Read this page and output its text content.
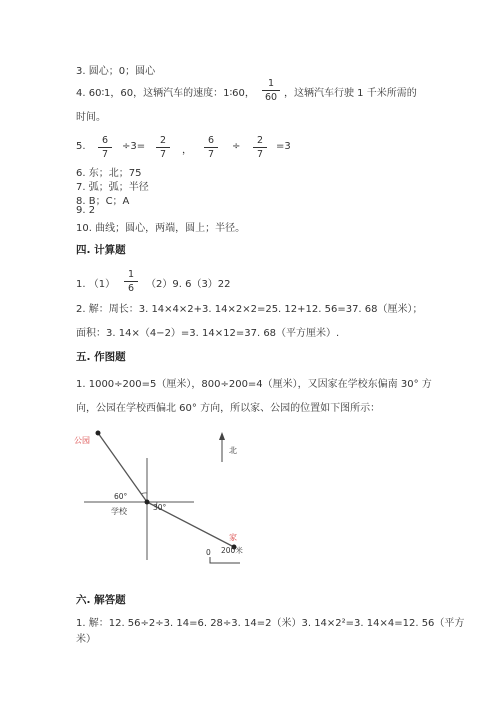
3. 圆心；0；圆心
4. 60∶1，60，这辆汽车的速度：1∶60，
1
60 ，这辆汽车行驶 1 千米所需的
时间。
5.
6
7
÷3=
2
7	，
6
7
÷
2
7
=3
6. 东；北；75
7. 弧；弧；半径
8. B；C；A
9. 2
10. 曲线；圆心，两端，圆上；半径。
四. 计算题
1. （1）
1
6	（2）9. 6（3）22
2. 解：周长：3. 14×4×2+3. 14×2×2=25. 12+12. 56=37. 68（厘米）；
面积：3. 14×（4−2）=3. 14×12=37. 68（平方厘米）.
五. 作图题
1. 1000÷200=5（厘米），800÷200=4（厘米），又因家在学校东偏南 30° 方
向，公园在学校西偏北 60° 方向，所以家、公园的位置如下图所示：
公园
北
60°
30°
学校
家
0 200米
六. 解答题
1. 解：12. 56÷2÷3. 14=6. 28÷3. 14=2（米）3. 14×2²=3. 14×4=12. 56（平方
米）
